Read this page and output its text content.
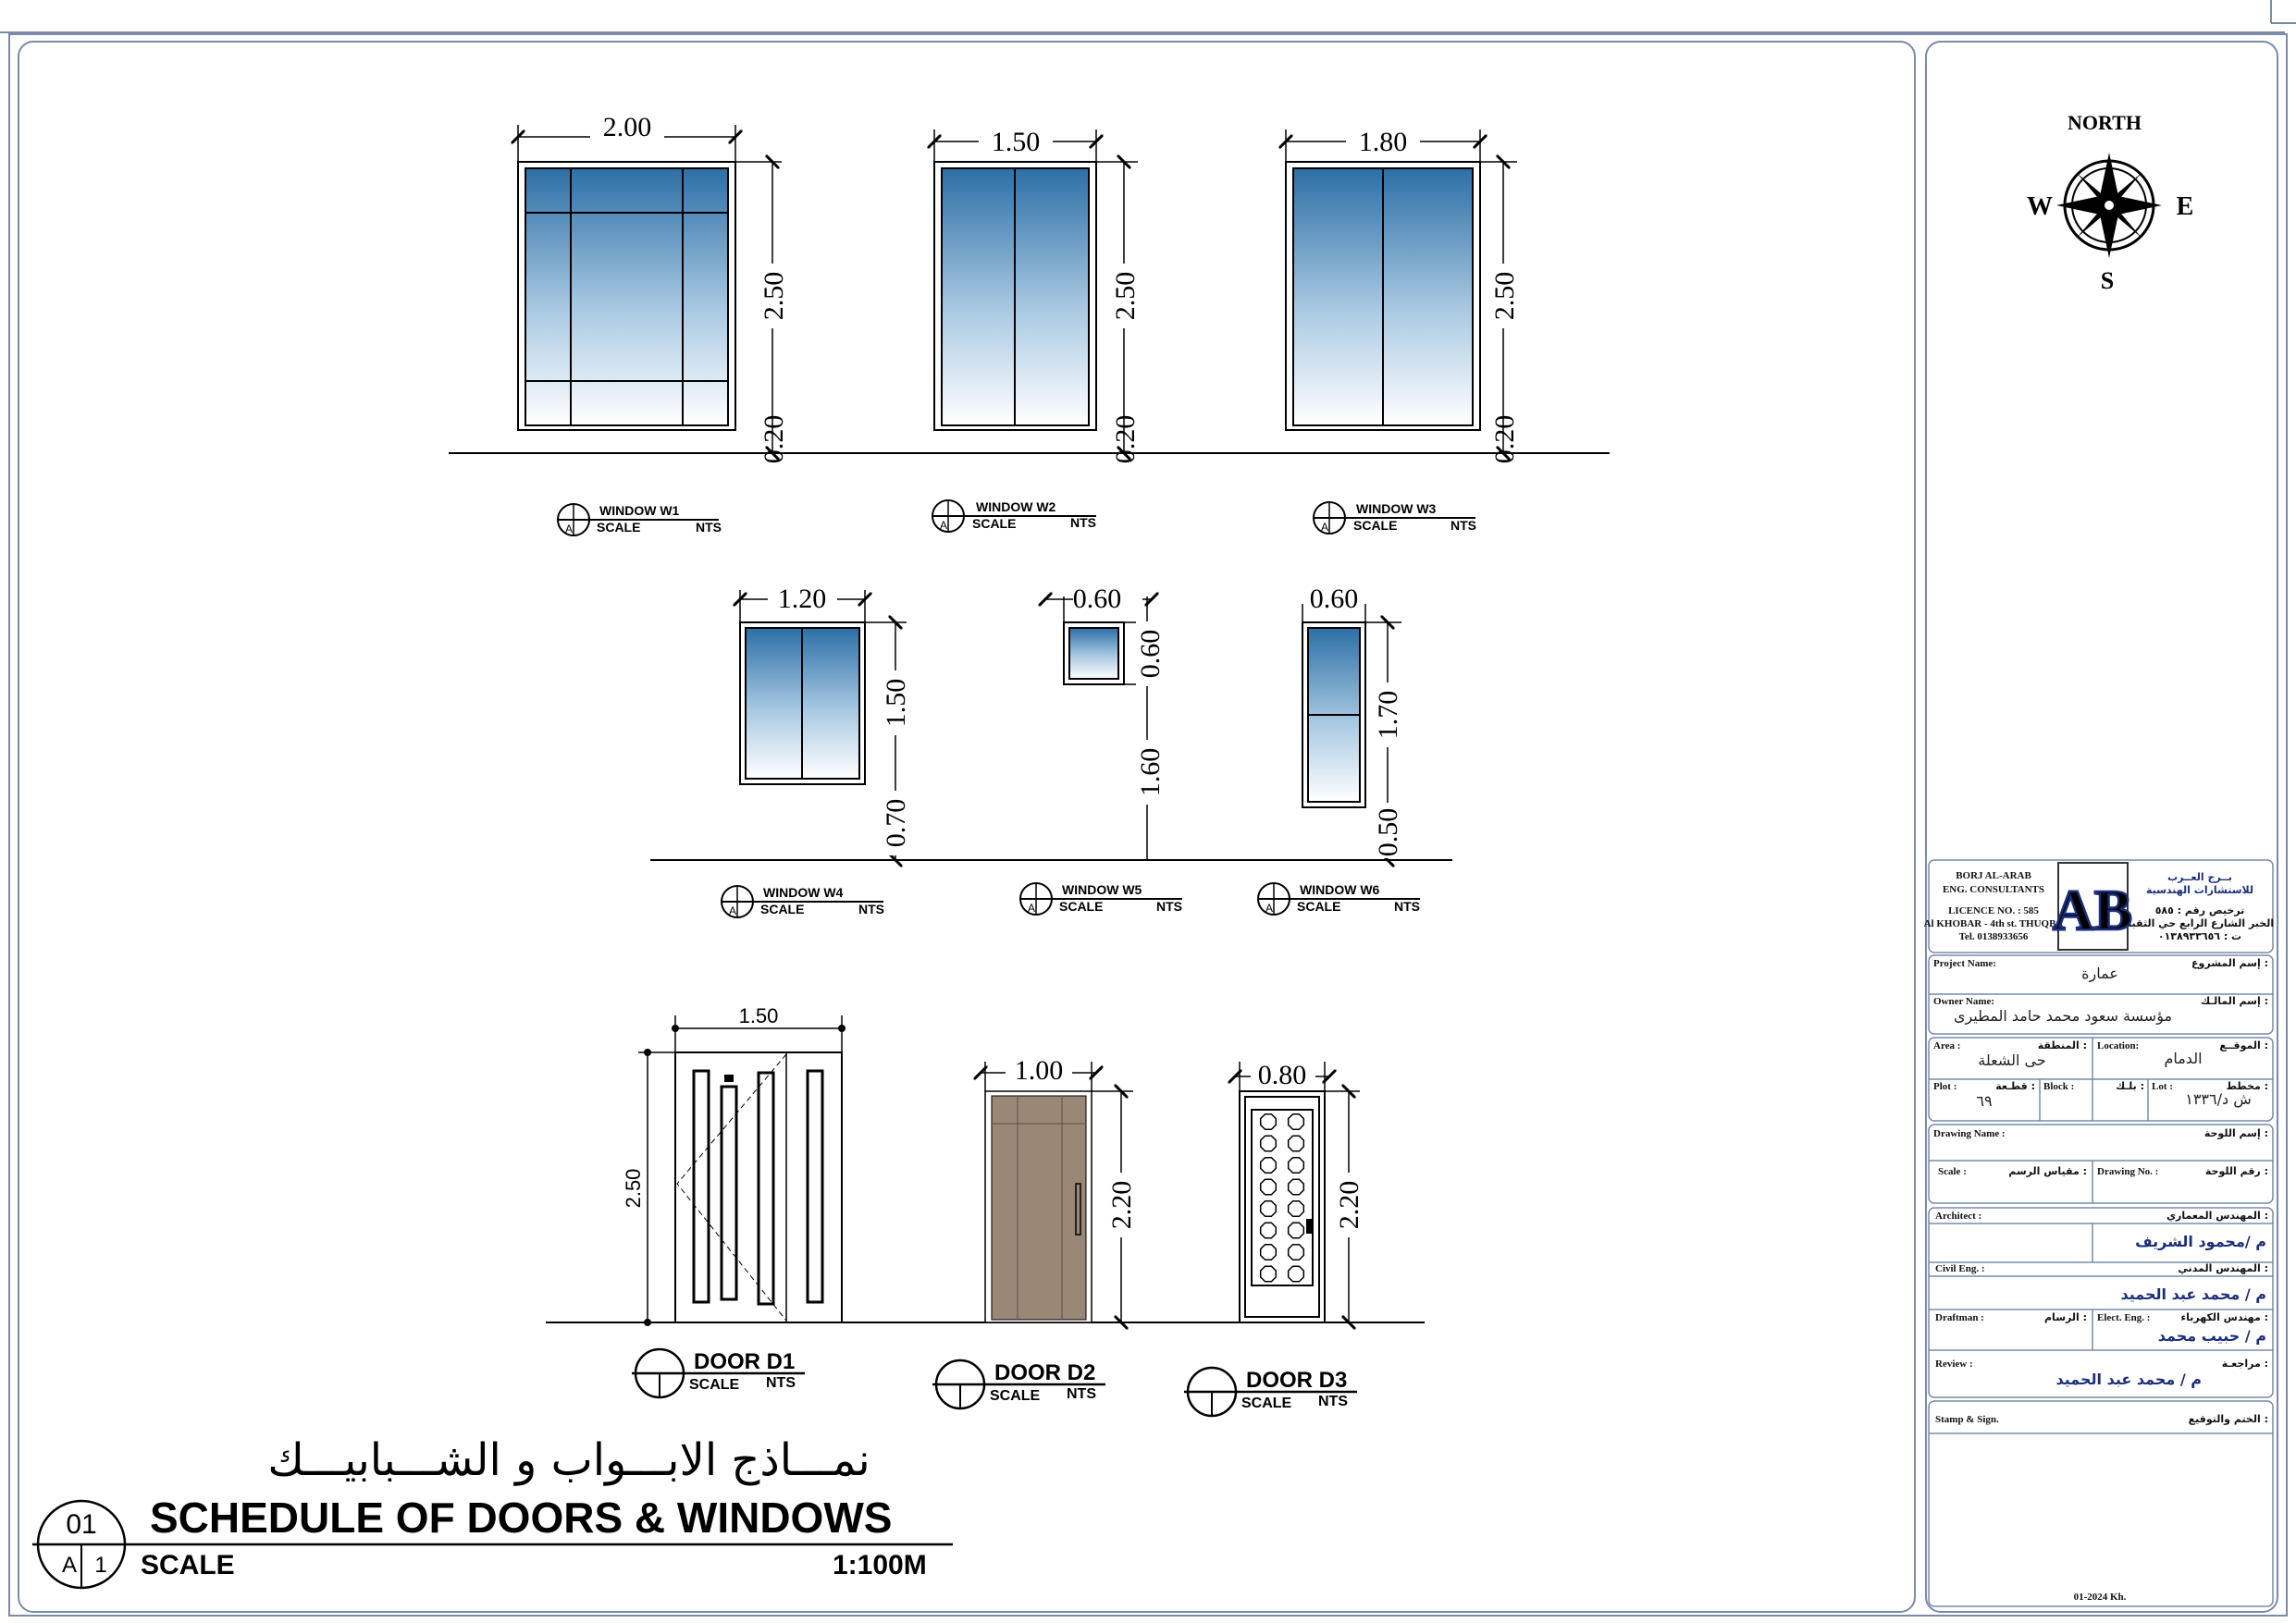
NORTH
W	E
S
2.00
2.50
0.20
1.50
2.50
0.20
1.80
2.50
0.20
A
WINDOW W1
SCALE	NTS	A
WINDOW W2
SCALE	NTS	A
WINDOW W3
SCALE	NTS
1.20
1.50
0.70
0.60
0.60
1.60
0.60
1.70
0.50
A
WINDOW W4
SCALE	NTS	A
WINDOW W5
SCALE	NTS	A
WINDOW W6
SCALE	NTS
1.50
2.50
1.00
2.20
0.80
2.20
DOOR D1
SCALE NTS	DOOR D2
SCALE NTS
DOOR D3
SCALE NTS
نمـــاذج الابـــواب و الشـــبابيـــك
01
A 1
SCHEDULE OF DOORS & WINDOWS
SCALE	1:100M
BORJ AL-ARAB
ENG. CONSULTANTS
LICENCE NO. : 585
Al KHOBAR - 4th st. THUQBA
Tel. 0138933656
بــرج العــرب
للاستشارات الهندسية
ترخيص رقم : ٥٨٥
الخبر الشارع الرابع حي الثقبة
ت : ٠١٣٨٩٣٣٦٥٦
AB
Project Name:	إسم المشروع :
عمارة
Owner Name:	إسم المالـك :
مؤسسة سعود محمد حامد المطيرى
Area :	المنطقة :
حى الشعلة
Location:	الموقــع :
الدمام
Plot :	قطـعة :
٦٩
Block :	بلـك : Lot :	مخطط :
ش د/١٣٣٦
Drawing Name :	إسم اللوحة :
Scale :	مقياس الرسم : Drawing No. :	رقم اللوحة :
Architect :	المهندس المعماري :
م /محمود الشريف
Civil Eng. :	المهندس المدني :
م / محمد عبد الحميد
Draftman :	الرسام : Elect. Eng. :	مهندس الكهرباء :
م / حبيب محمد
Review :	مراجعـة :
م / محمد عبد الحميد
Stamp & Sign.	الختم والتوقيع :
01-2024 Kh.
